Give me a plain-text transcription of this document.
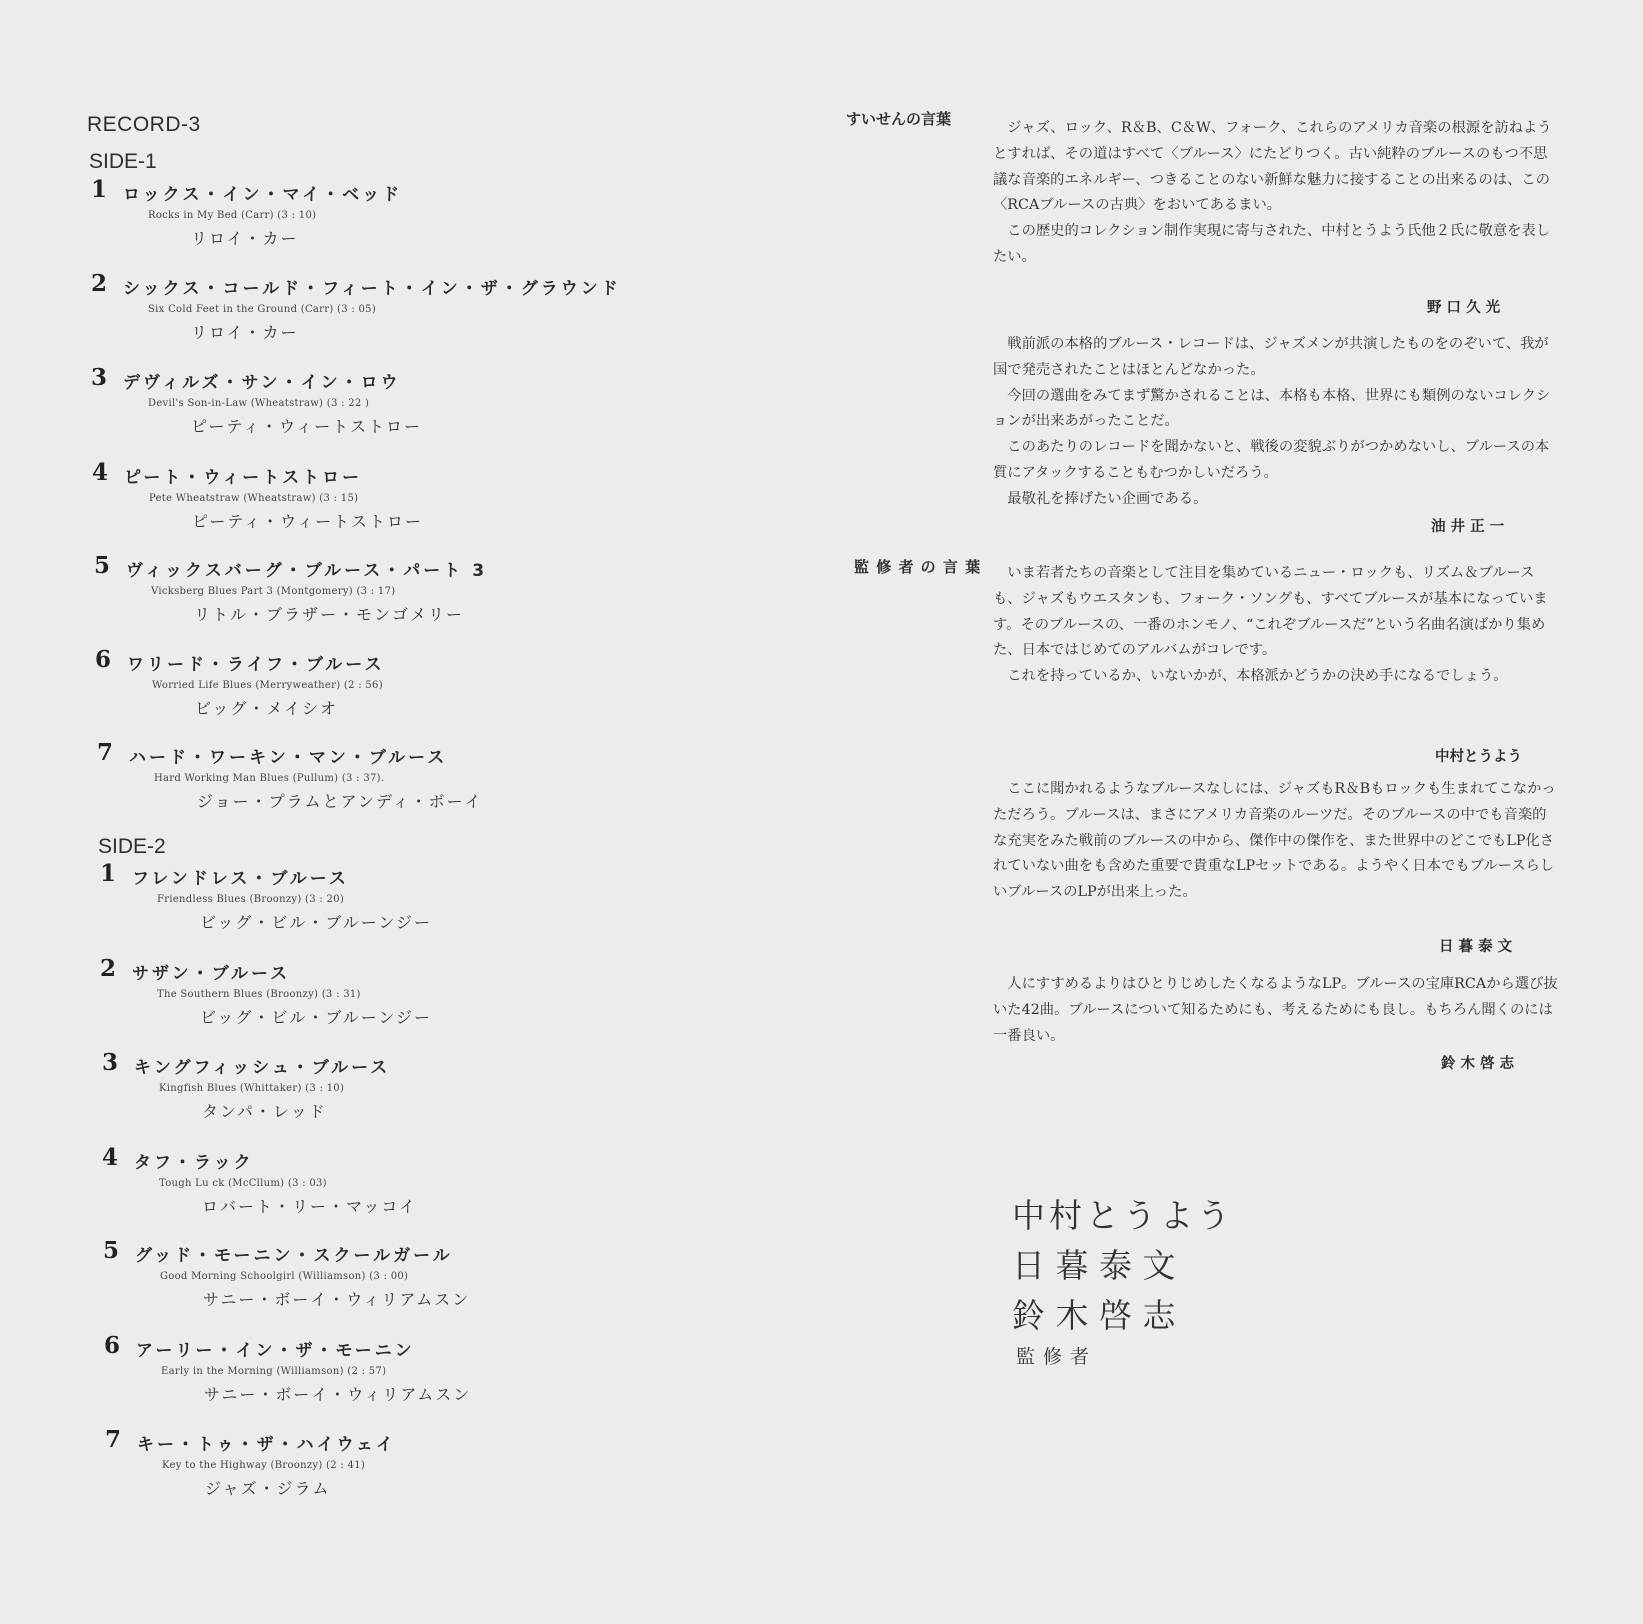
RECORD-3
SIDE-1
1 ロックス・イン・マイ・ベッド
Rocks in My Bed (Carr) (3 : 10)
リロイ・カー
2 シックス・コールド・フィート・イン・ザ・グラウンド
Six Cold Feet in the Ground (Carr) (3 : 05)
リロイ・カー
3 デヴィルズ・サン・イン・ロウ
Devil's Son-in-Law (Wheatstraw) (3 : 22 )
ピーティ・ウィートストロー
4 ピート・ウィートストロー
Pete Wheatstraw (Wheatstraw) (3 : 15)
ピーティ・ウィートストロー
5 ヴィックスバーグ・ブルース・パート 3
Vicksberg Blues Part 3 (Montgomery) (3 : 17)
リトル・ブラザー・モンゴメリー
6 ワリード・ライフ・ブルース
Worried Life Blues (Merryweather) (2 : 56)
ビッグ・メイシオ
7 ハード・ワーキン・マン・ブルース
Hard Working Man Blues (Pullum) (3 : 37).
ジョー・プラムとアンディ・ボーイ
SIDE-2
1 フレンドレス・ブルース
Friendless Blues (Broonzy) (3 : 20)
ビッグ・ビル・ブルーンジー
2 サザン・ブルース
The Southern Blues (Broonzy) (3 : 31)
ビッグ・ビル・ブルーンジー
3 キングフィッシュ・ブルース
Kingfish Blues (Whittaker) (3 : 10)
タンパ・レッド
4 タフ・ラック
Tough Lu ck (McCllum) (3 : 03)
ロバート・リー・マッコイ
5 グッド・モーニン・スクールガール
Good Morning Schoolgirl (Williamson) (3 : 00)
サニー・ボーイ・ウィリアムスン
6 アーリー・イン・ザ・モーニン
Early in the Morning (Williamson) (2 : 57)
サニー・ボーイ・ウィリアムスン
7 キー・トゥ・ザ・ハイウェイ
Key to the Highway (Broonzy) (2 : 41)
ジャズ・ジラム
すいせんの言葉	ジャズ、ロック、R＆B、C＆W、フォーク、これらのアメリカ音楽の根源を訪ねようとすれば、その道はすべて〈ブルース〉にたどりつく。古い純粋のブルースのもつ不思議な音楽的エネルギー、つきることのない新鮮な魅力に接することの出来るのは、この〈RCAブルースの古典〉をおいてあるまい。

この歴史的コレクション制作実現に寄与された、中村とうよう氏他２氏に敬意を表したい。

野 口 久 光

戦前派の本格的ブルース・レコードは、ジャズメンが共演したものをのぞいて、我が国で発売されたことはほとんどなかった。

今回の選曲をみてまず驚かされることは、本格も本格、世界にも類例のないコレクションが出来あがったことだ。

このあたりのレコードを聞かないと、戦後の変貌ぶりがつかめないし、ブルースの本質にアタックすることもむつかしいだろう。

最敬礼を捧げたい企画である。

油 井 正 一
監 修 者 の 言 葉	いま若者たちの音楽として注目を集めているニュー・ロックも、リズム＆ブルースも、ジャズもウエスタンも、フォーク・ソングも、すべてブルースが基本になっています。そのブルースの、一番のホンモノ、“これぞブルースだ”という名曲名演ばかり集めた、日本ではじめてのアルバムがコレです。

これを持っているか、いないかが、本格派かどうかの決め手になるでしょう。

中村とうよう

ここに聞かれるようなブルースなしには、ジャズもR＆Bもロックも生まれてこなかっただろう。ブルースは、まさにアメリカ音楽のルーツだ。そのブルースの中でも音楽的な充実をみた戦前のブルースの中から、傑作中の傑作を、また世界中のどこでもLP化されていない曲をも含めた重要で貴重なLPセットである。ようやく日本でもブルースらしいブルースのLPが出来上った。

日 暮 泰 文

人にすすめるよりはひとりじめしたくなるようなLP。ブルースの宝庫RCAから選び抜いた42曲。ブルースについて知るためにも、考えるためにも良し。もちろん聞くのには一番良い。

鈴 木 啓 志
中村とうよう
日 暮 泰 文
鈴 木 啓 志
監修者
